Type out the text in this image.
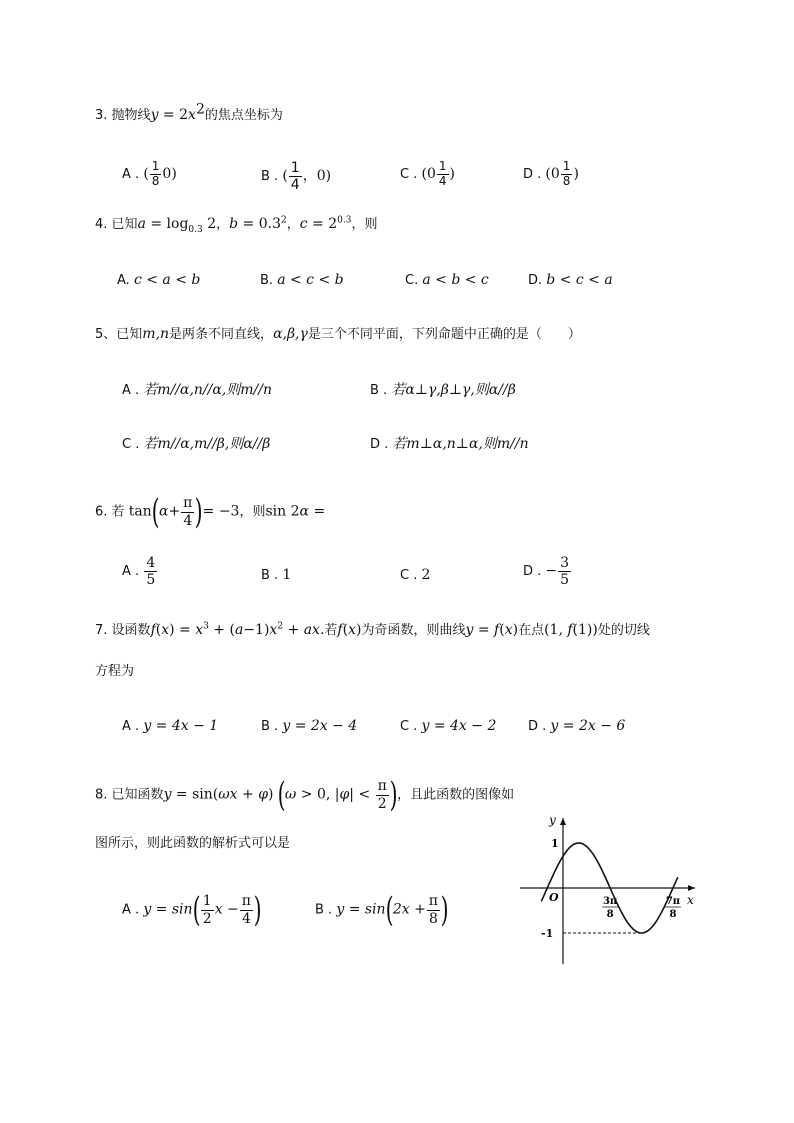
3. 抛物线$y = 2x^2$的焦点坐标为
A . ( $\frac{1}{8} 0$)	B . ( $\frac{1}{4}$ ，0)	C . ($0 \frac{1}{4}$ )	D . ($0 \frac{1}{8}$ )
4. 已知$a = \log_{0.3} 2$，$b = 0.3^2$，$c = 2^{0.3}$，则
A. c < a < b	B. a < c < b	C. a < b < c	D. b < c < a
5、已知m,n是两条不同直线，α,β,γ是三个不同平面，下列命题中正确的是（　　）
A . 若m//α,n//α,则m//n	B . 若α⊥γ,β⊥γ,则α//β
C . 若m//α,m//β,则α//β	D . 若m⊥α,n⊥α,则m//n
6. 若 $\tan(\alpha+ \frac{\pi}{4}$ )= −3，则sin 2α =
A . $\frac{4}{5}$	B . 1	C . 2	D . − $\frac{3}{5}$
7. 设函数$f(x) = x^3 + (a-1)x^2$ + ax.若f(x)为奇函数，则曲线y = f(x)在点(1, f(1))处的切线
方程为
A . y = 4x − 1	B . y = 2x − 4	C . y = 4x − 2 D . y = 2x − 6
8. 已知函数y = sin(ωx + φ) (ω > 0, $|\varphi| < \frac{\pi}{2}$ )，且此函数的图像如
图所示，则此函数的解析式可以是
A . $y = \sin( \frac{1}{2}$ $x - \frac{\pi}{4}$ )	B . $y = \sin(2x + \frac{\pi}{8}$ )
y
x
O
1
-1
3π
8
7π
8
